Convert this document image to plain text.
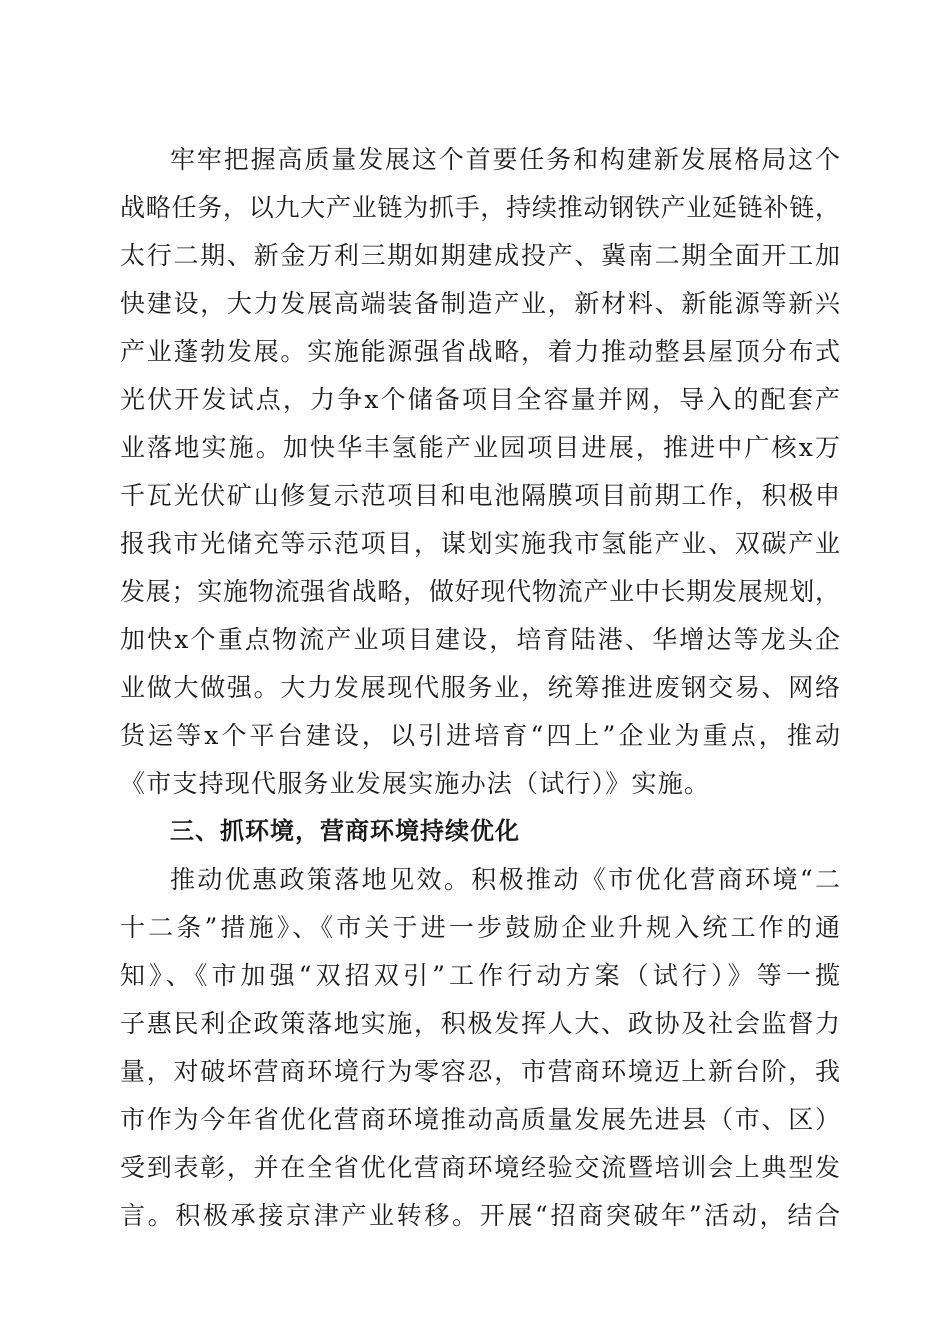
牢牢把握高质量发展这个首要任务和构建新发展格局这个
战略任务，以九大产业链为抓手，持续推动钢铁产业延链补链，
太行二期、新金万利三期如期建成投产、冀南二期全面开工加
快建设，大力发展高端装备制造产业，新材料、新能源等新兴
产业蓬勃发展。实施能源强省战略，着力推动整县屋顶分布式
光伏开发试点，力争x个储备项目全容量并网，导入的配套产
业落地实施。加快华丰氢能产业园项目进展，推进中广核x万
千瓦光伏矿山修复示范项目和电池隔膜项目前期工作，积极申
报我市光储充等示范项目，谋划实施我市氢能产业、双碳产业
发展；实施物流强省战略，做好现代物流产业中长期发展规划，
加快x个重点物流产业项目建设，培育陆港、华增达等龙头企
业做大做强。大力发展现代服务业，统筹推进废钢交易、网络
货运等x个平台建设，以引进培育“四上”企业为重点，推动
《市支持现代服务业发展实施办法（试行）》实施。
三、抓环境，营商环境持续优化
推动优惠政策落地见效。积极推动《市优化营商环境“二
十二条”措施》、《市关于进一步鼓励企业升规入统工作的通
知》、《市加强“双招双引”工作行动方案（试行）》等一揽
子惠民利企政策落地实施，积极发挥人大、政协及社会监督力
量，对破坏营商环境行为零容忍，市营商环境迈上新台阶，我
市作为今年省优化营商环境推动高质量发展先进县（市、区）
受到表彰，并在全省优化营商环境经验交流暨培训会上典型发
言。积极承接京津产业转移。开展“招商突破年”活动，结合
